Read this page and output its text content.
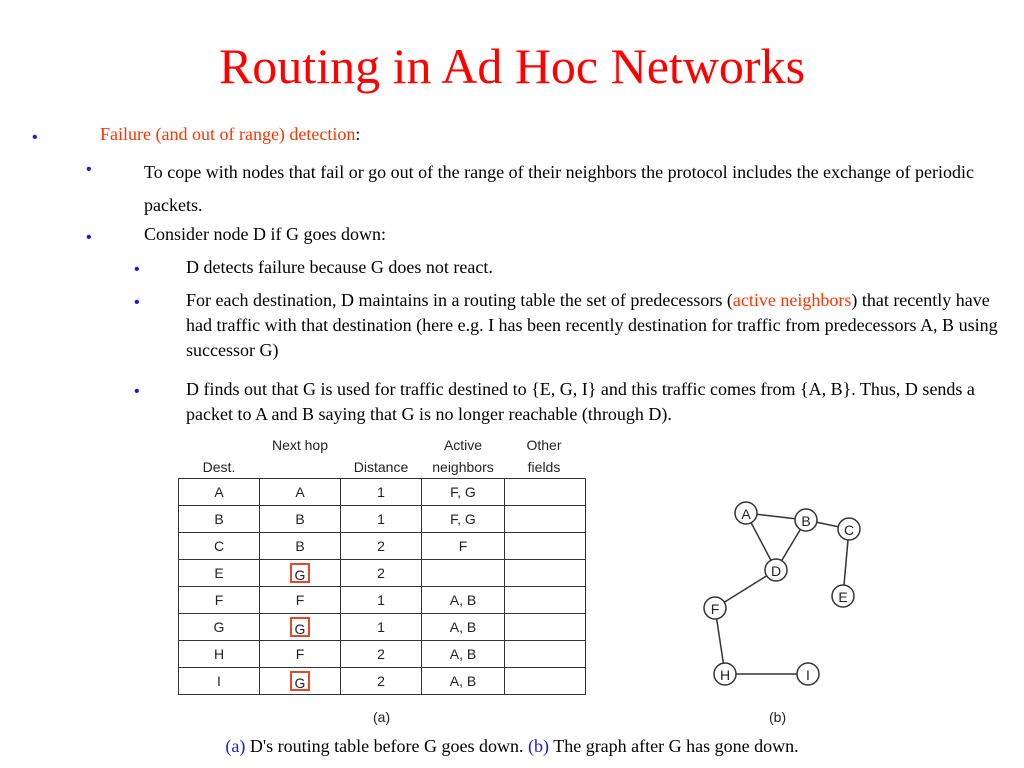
Routing in Ad Hoc Networks
•	Failure (and out of range) detection:
•	To cope with nodes that fail or go out of the range of their neighbors the protocol includes the exchange of periodic packets.
•	Consider node D if G goes down:
•	D detects failure because G does not react.
•	For each destination, D maintains in a routing table the set of predecessors (active neighbors) that recently have had traffic with that destination (here e.g. I has been recently destination for traffic from predecessors A, B using successor G)
•	D finds out that G is used for traffic destined to {E, G, I} and this traffic comes from {A, B}. Thus, D sends a packet to A and B saying that G is no longer reachable (through D).
Dest.
Next hop
Distance
Active neighbors
Other fields
A	A	1	F, G	
B	B	1	F, G	
C	B	2	F	
E	G	2		
F	F	1	A, B	
G	G	1	A, B	
H	F	2	A, B	
I	G	2	A, B	
(a)
A	B
C
D
E
F
H	I
(b)
(a) D's routing table before G goes down. (b) The graph after G has gone down.
